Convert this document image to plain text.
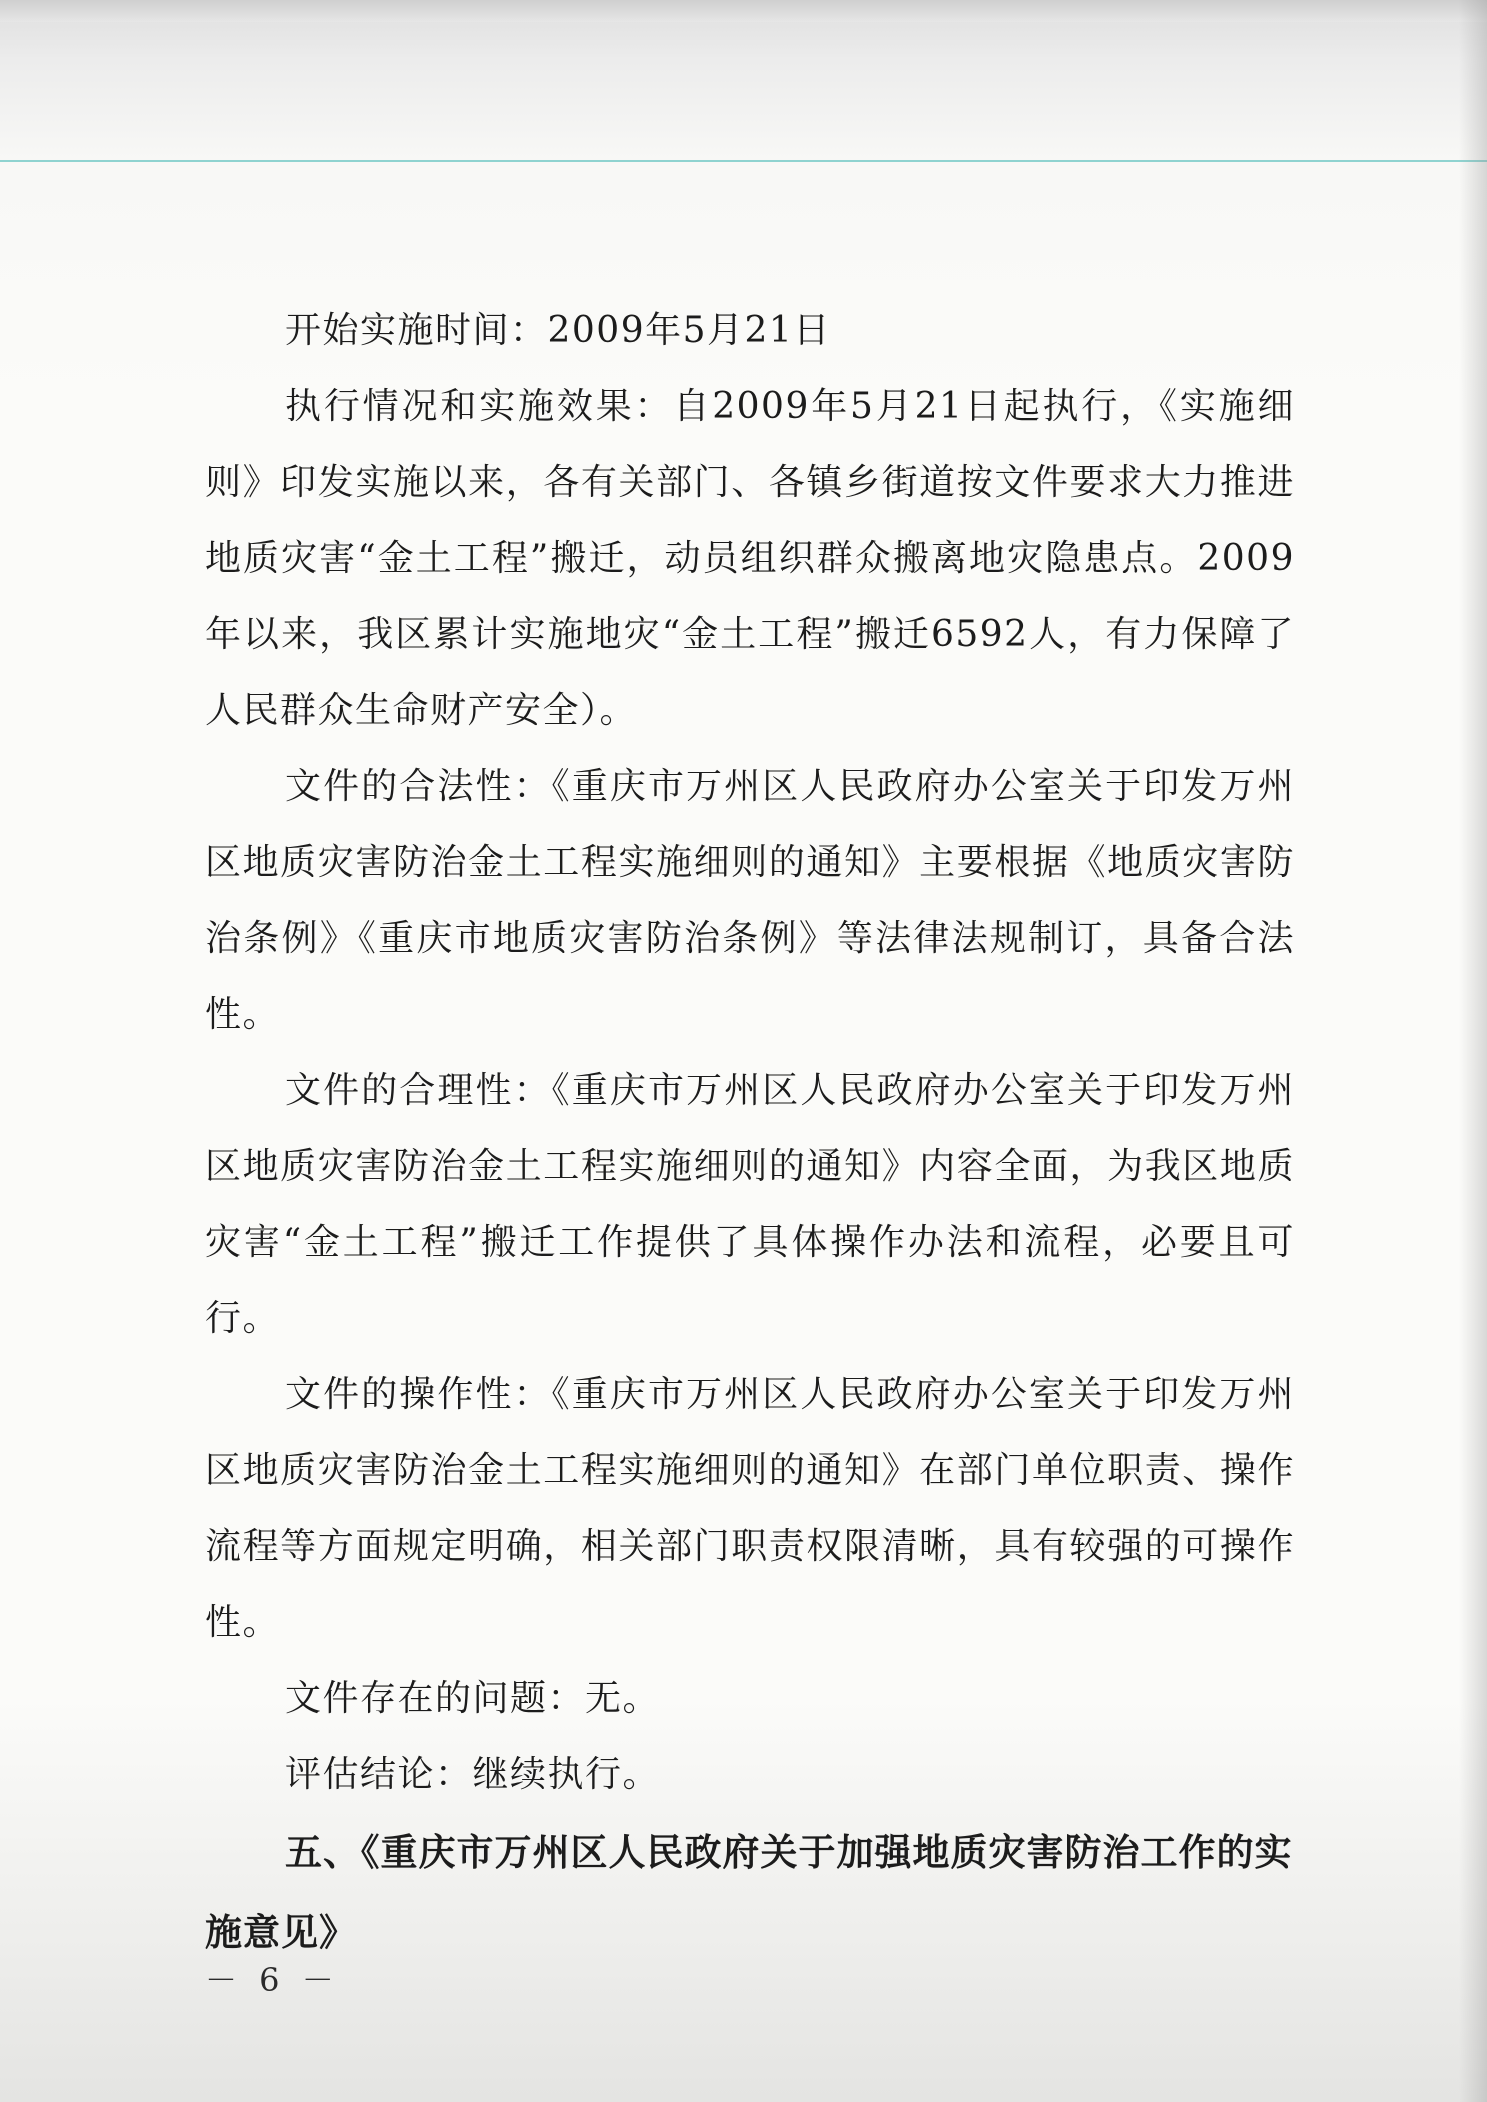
开始实施时间：2009年5月21日

执行情况和实施效果：自2009年5月21日起执行，《实施细则》印发实施以来，各有关部门、各镇乡街道按文件要求大力推进地质灾害“金土工程”搬迁，动员组织群众搬离地灾隐患点。2009年以来，我区累计实施地灾“金土工程”搬迁6592人，有力保障了人民群众生命财产安全）。

文件的合法性：《重庆市万州区人民政府办公室关于印发万州区地质灾害防治金土工程实施细则的通知》主要根据《地质灾害防治条例》《重庆市地质灾害防治条例》等法律法规制订，具备合法性。

文件的合理性：《重庆市万州区人民政府办公室关于印发万州区地质灾害防治金土工程实施细则的通知》内容全面，为我区地质灾害“金土工程”搬迁工作提供了具体操作办法和流程，必要且可行。

文件的操作性：《重庆市万州区人民政府办公室关于印发万州区地质灾害防治金土工程实施细则的通知》在部门单位职责、操作流程等方面规定明确，相关部门职责权限清晰，具有较强的可操作性。

文件存在的问题：无。

评估结论：继续执行。

五、《重庆市万州区人民政府关于加强地质灾害防治工作的实施意见》

－ 6 －
